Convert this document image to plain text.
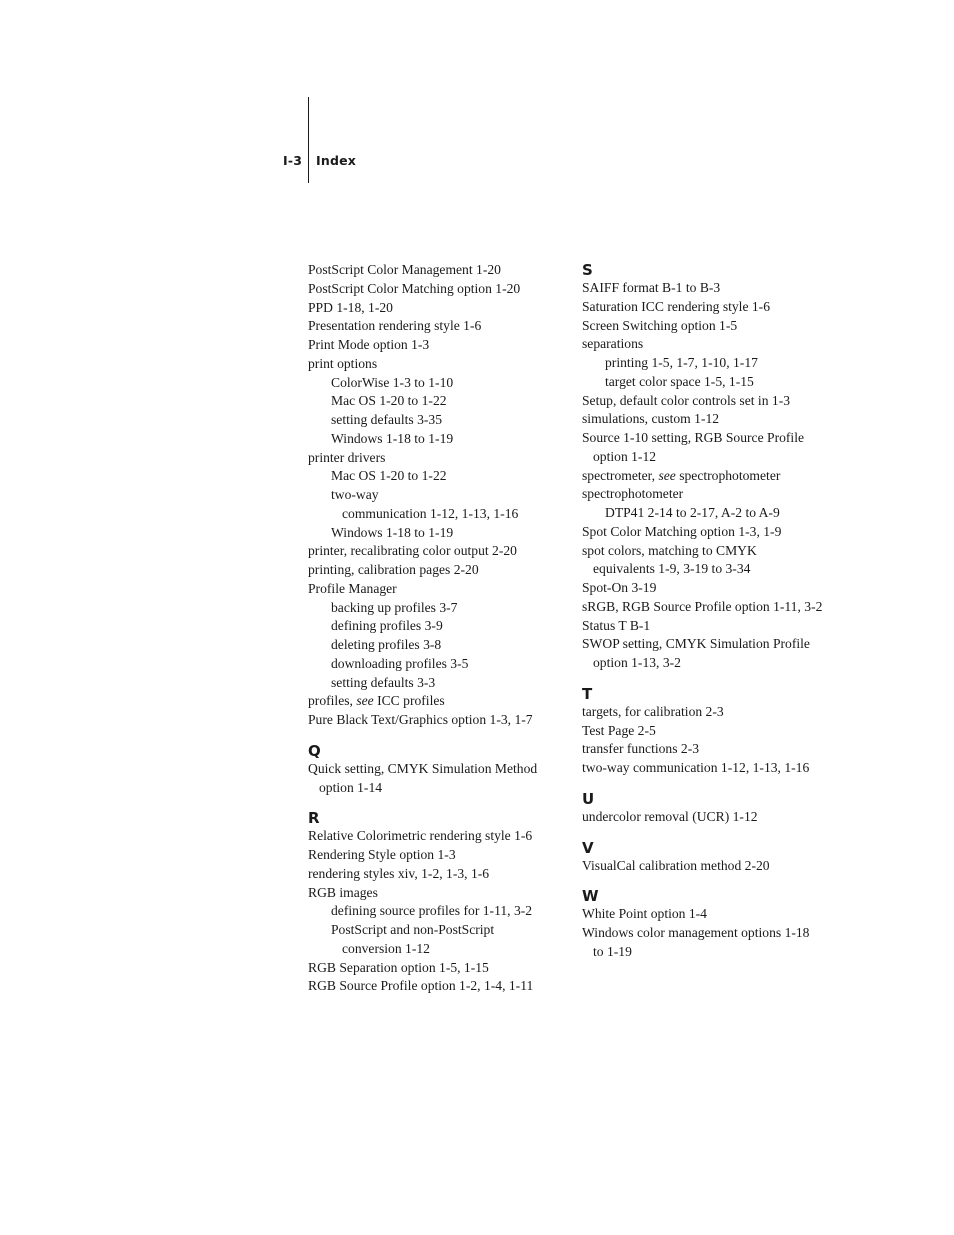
I-3 Index
PostScript Color Management 1-20
PostScript Color Matching option 1-20
PPD 1-18, 1-20
Presentation rendering style 1-6
Print Mode option 1-3
print options
ColorWise 1-3 to 1-10
Mac OS 1-20 to 1-22
setting defaults 3-35
Windows 1-18 to 1-19
printer drivers
Mac OS 1-20 to 1-22
two-way
communication 1-12, 1-13, 1-16
Windows 1-18 to 1-19
printer, recalibrating color output 2-20
printing, calibration pages 2-20
Profile Manager
backing up profiles 3-7
defining profiles 3-9
deleting profiles 3-8
downloading profiles 3-5
setting defaults 3-3
profiles, see ICC profiles
Pure Black Text/Graphics option 1-3, 1-7
Q
Quick setting, CMYK Simulation Method
option 1-14
R
Relative Colorimetric rendering style 1-6
Rendering Style option 1-3
rendering styles xiv, 1-2, 1-3, 1-6
RGB images
defining source profiles for 1-11, 3-2
PostScript and non-PostScript
conversion 1-12
RGB Separation option 1-5, 1-15
RGB Source Profile option 1-2, 1-4, 1-11
S
SAIFF format B-1 to B-3
Saturation ICC rendering style 1-6
Screen Switching option 1-5
separations
printing 1-5, 1-7, 1-10, 1-17
target color space 1-5, 1-15
Setup, default color controls set in 1-3
simulations, custom 1-12
Source 1-10 setting, RGB Source Profile
option 1-12
spectrometer, see spectrophotometer
spectrophotometer
DTP41 2-14 to 2-17, A-2 to A-9
Spot Color Matching option 1-3, 1-9
spot colors, matching to CMYK
equivalents 1-9, 3-19 to 3-34
Spot-On 3-19
sRGB, RGB Source Profile option 1-11, 3-2
Status T B-1
SWOP setting, CMYK Simulation Profile
option 1-13, 3-2
T
targets, for calibration 2-3
Test Page 2-5
transfer functions 2-3
two-way communication 1-12, 1-13, 1-16
U
undercolor removal (UCR) 1-12
V
VisualCal calibration method 2-20
W
White Point option 1-4
Windows color management options 1-18
to 1-19
